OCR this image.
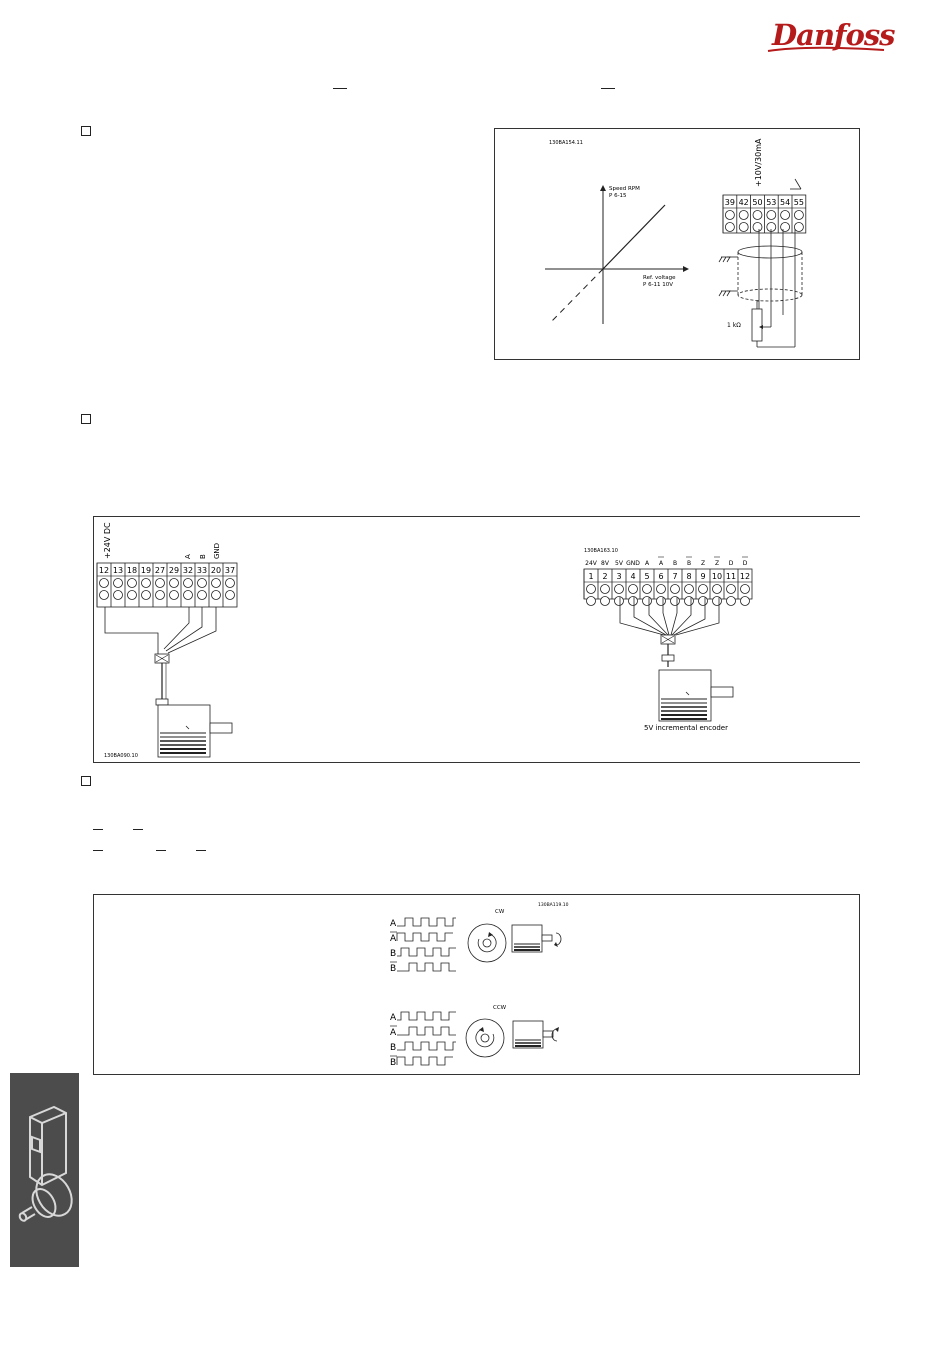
Danfoss
130BA154.11
Speed RPM
P 6-15
Ref. voltage
P 6-11 10V
39 42 50 53 54 55
+10V/30mA
1 kΩ
12 13 18 19 27 29 32 33 20 37
+24V DC	A B GND
130BA090.10
130BA163.10
24V 8V 5V GND A A B B Z Z D D
1 2 3 4 5 6 7 8 9 10 11 12
5V incremental encoder
130BA119.10
A
A
B
B
A
A
B
B
CW
CCW
